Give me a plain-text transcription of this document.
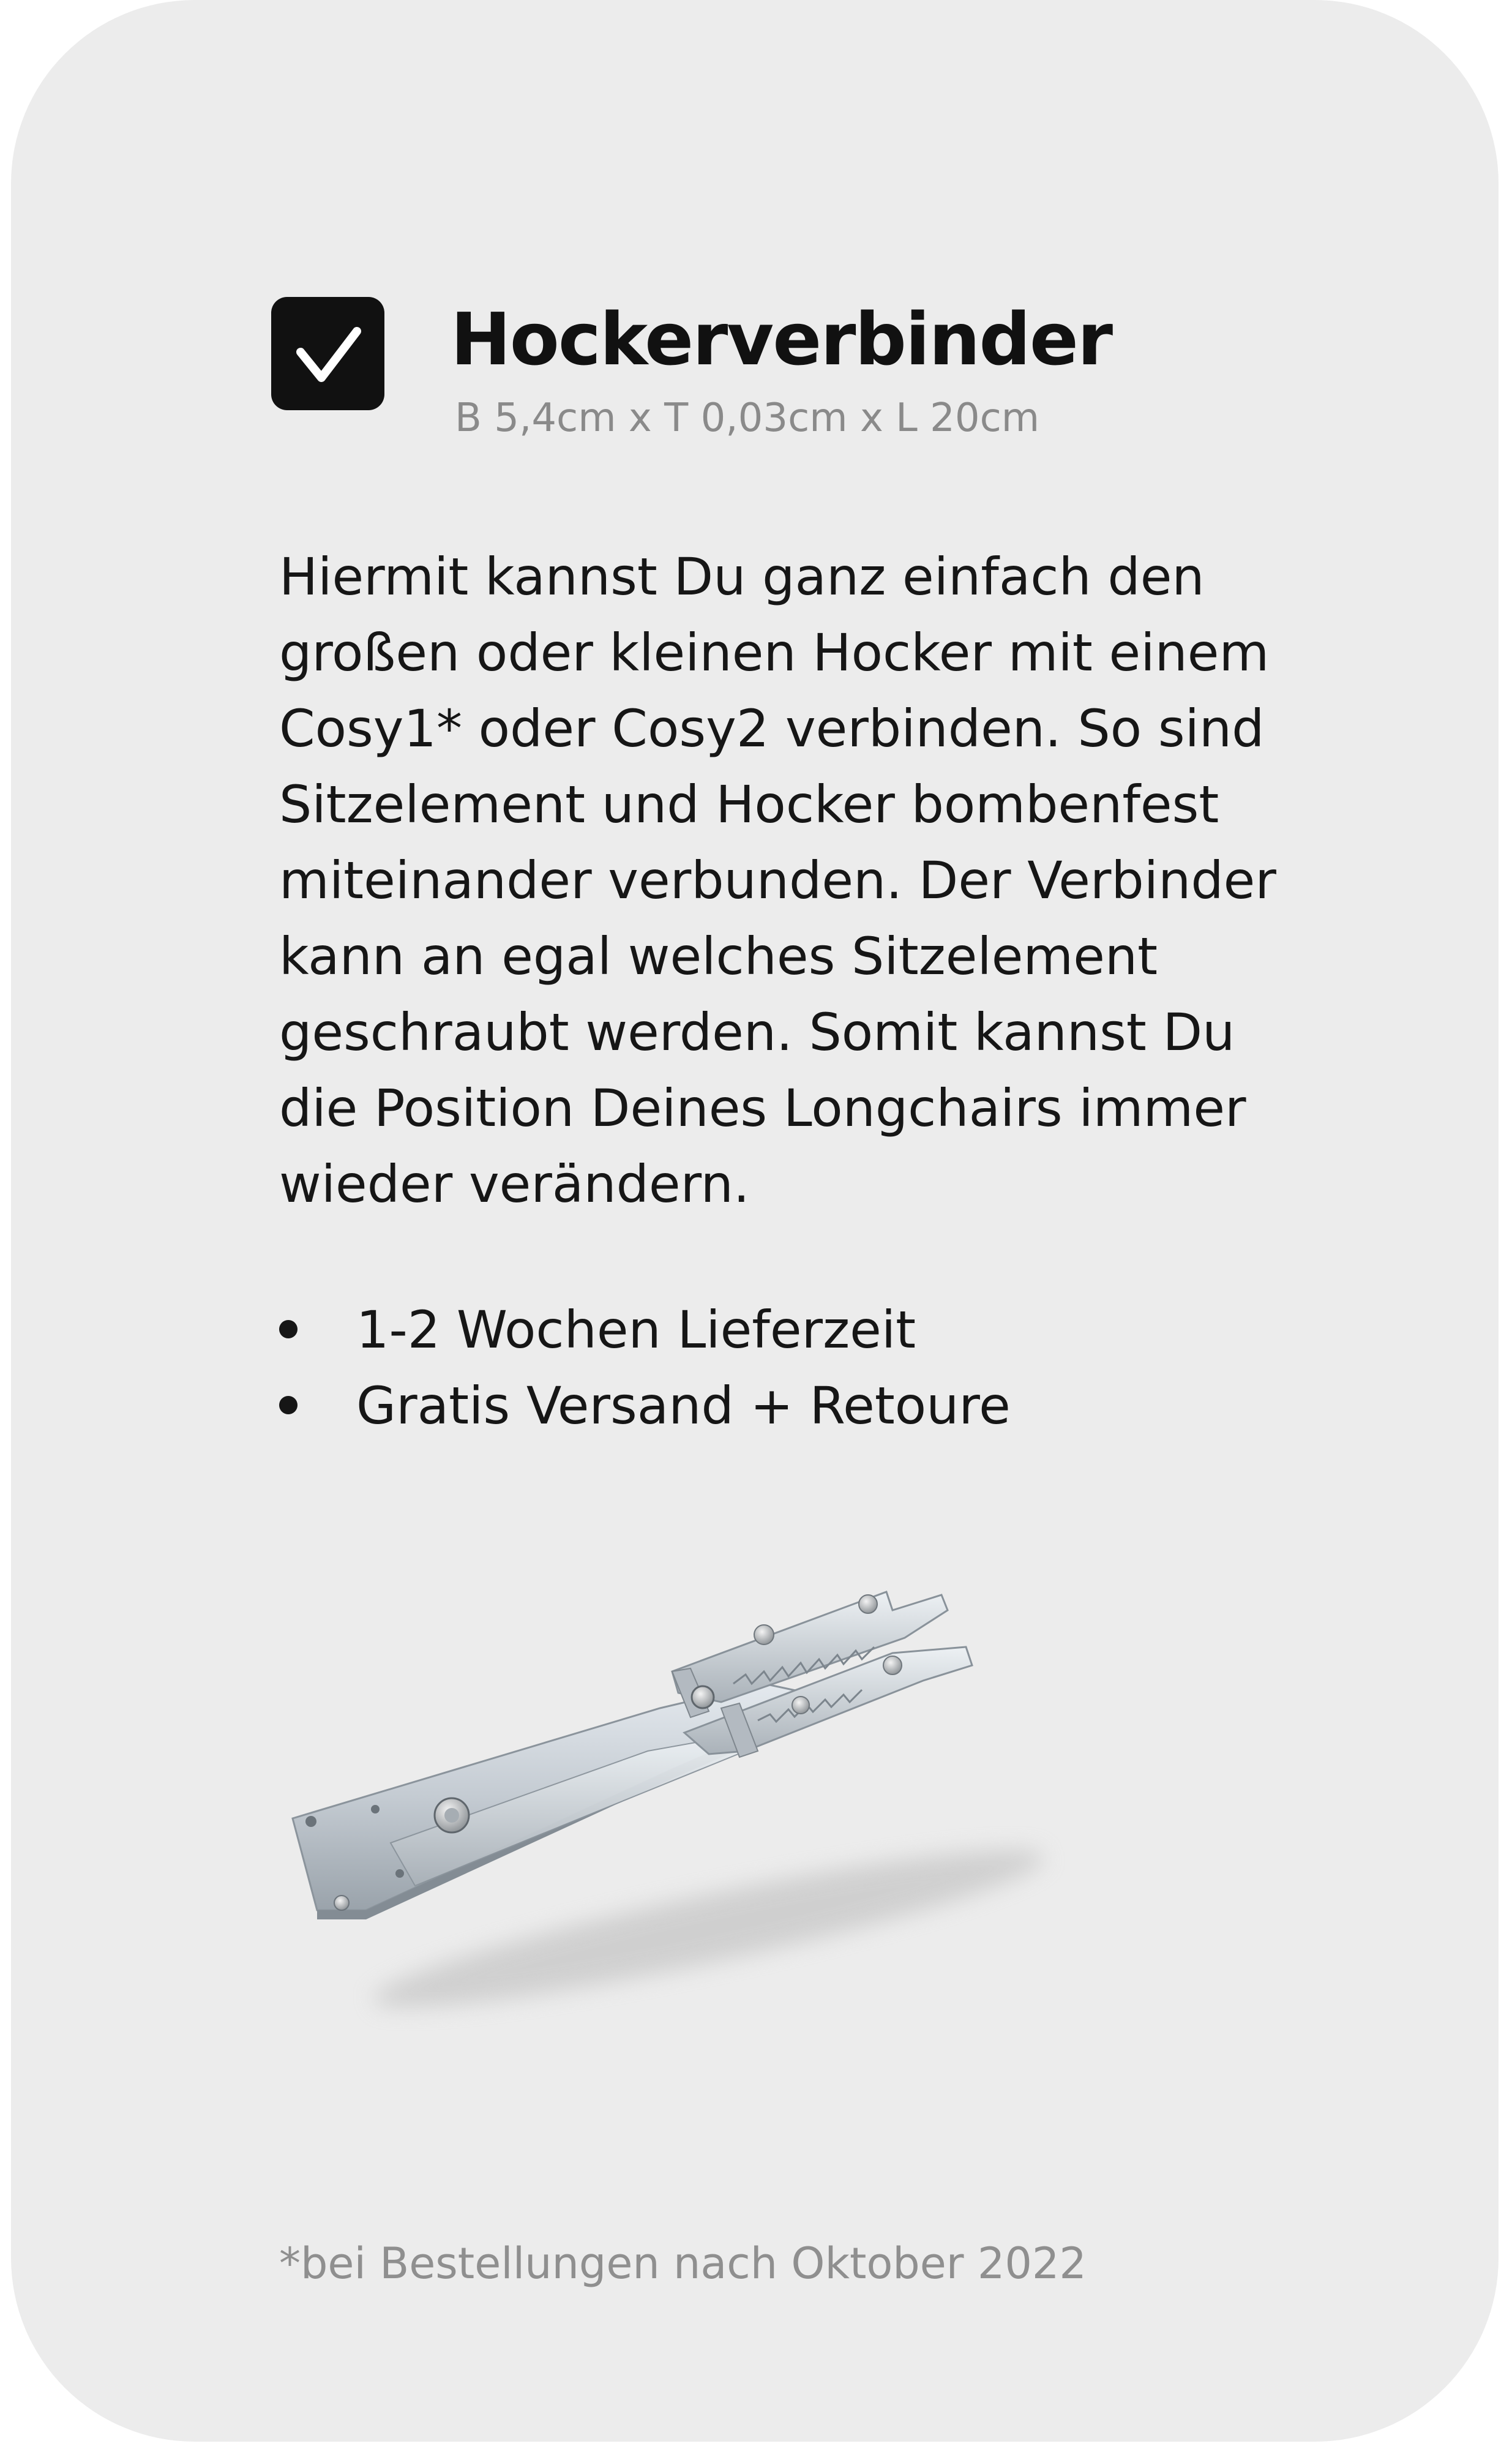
Hockerverbinder
B 5,4cm x T 0,03cm x L 20cm

Hiermit kannst Du ganz einfach den großen oder kleinen Hocker mit einem Cosy1* oder Cosy2 verbinden. So sind Sitzelement und Hocker bombenfest miteinander verbunden. Der Verbinder kann an egal welches Sitzelement geschraubt werden. Somit kannst Du die Position Deines Longchairs immer wieder verändern.

1-2 Wochen Lieferzeit
Gratis Versand + Retoure
*bei Bestellungen nach Oktober 2022
